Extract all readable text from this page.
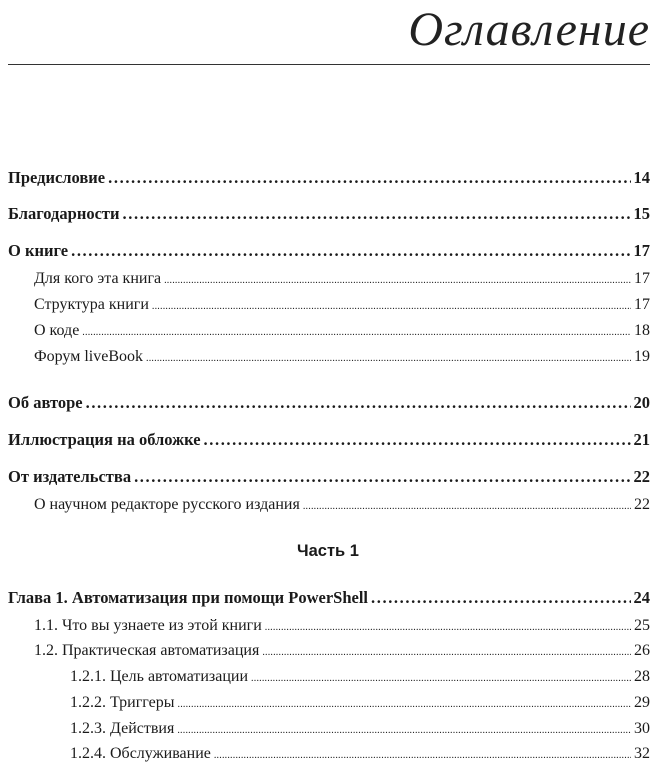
Оглавление
Предисловие .....	14
Благодарности .....	15
О книге .....	17
Для кого эта книга .....	17
Структура книги .....	17
О коде .....	18
Форум liveBook .....	19
Об авторе .....	20
Иллюстрация на обложке .....	21
От издательства .....	22
О научном редакторе русского издания .....	22
Часть 1
Глава 1. Автоматизация при помощи PowerShell .....	24
1.1. Что вы узнаете из этой книги .....	25
1.2. Практическая автоматизация .....	26
1.2.1. Цель автоматизации .....	28
1.2.2. Триггеры .....	29
1.2.3. Действия .....	30
1.2.4. Обслуживание .....	32
